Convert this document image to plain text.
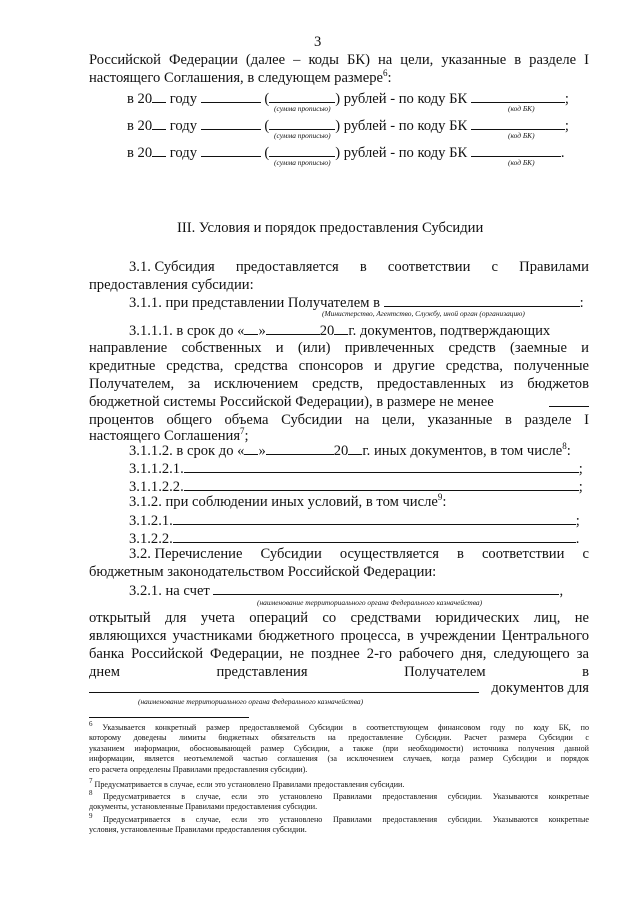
3
Российской Федерации (далее – коды БК) на цели, указанные в разделе I
настоящего Соглашения, в следующем размере$^6$:
в 20 году	(	) рублей - по коду БК	;
(сумма прописью)	(код БК)
в 20 году	(	) рублей - по коду БК	;
(сумма прописью)	(код БК)
в 20 году	(	) рублей - по коду БК	.
(сумма прописью)	(код БК)
III. Условия и порядок предоставления Субсидии
3.1. Субсидия предоставляется в соответствии с Правилами
предоставления субсидии:
3.1.1. при представлении Получателем в	:
(Министерство, Агентство, Службу, иной орган (организацию)
3.1.1.1. в срок до « »	20 г. документов, подтверждающих
направление собственных и (или) привлеченных средств (заемные и
кредитные средства, средства спонсоров и другие средства, полученные
Получателем, за исключением средств, предоставленных из бюджетов
бюджетной системы Российской Федерации), в размере не менее
процентов общего объема Субсидии на цели, указанные в разделе I
настоящего Соглашения$^7$;
3.1.1.2. в срок до « »	20 г. иных документов, в том числе$^8$:
3.1.1.2.1.	;
3.1.1.2.2.	;
3.1.2. при соблюдении иных условий, в том числе$^9$:
3.1.2.1.	;
3.1.2.2.	.
3.2. Перечисление Субсидии осуществляется в соответствии с
бюджетным законодательством Российской Федерации:
3.2.1. на счет	,
(наименование территориального органа Федерального казначейства)
открытый для учета операций со средствами юридических лиц, не
являющихся участниками бюджетного процесса, в учреждении Центрального
банка Российской Федерации, не позднее 2-го рабочего дня, следующего за
днем	представления	Получателем	в
документов для
(наименование территориального органа Федерального казначейства)
6 Указывается конкретный размер предоставляемой Субсидии в соответствующем финансовом году по коду БК, по
которому доведены лимиты бюджетных обязательств на предоставление Субсидии. Расчет размера Субсидии с
указанием информации, обосновывающей размер Субсидии, а также (при необходимости) источника получения данной
информации, является неотъемлемой частью соглашения (за исключением случаев, когда размер Субсидии и порядок
его расчета определены Правилами предоставления субсидии).
7 Предусматривается в случае, если это установлено Правилами предоставления субсидии.
8 Предусматривается в случае, если это установлено Правилами предоставления субсидии. Указываются конкретные
документы, установленные Правилами предоставления субсидии.
9 Предусматривается в случае, если это установлено Правилами предоставления субсидии. Указываются конкретные
условия, установленные Правилами предоставления субсидии.
